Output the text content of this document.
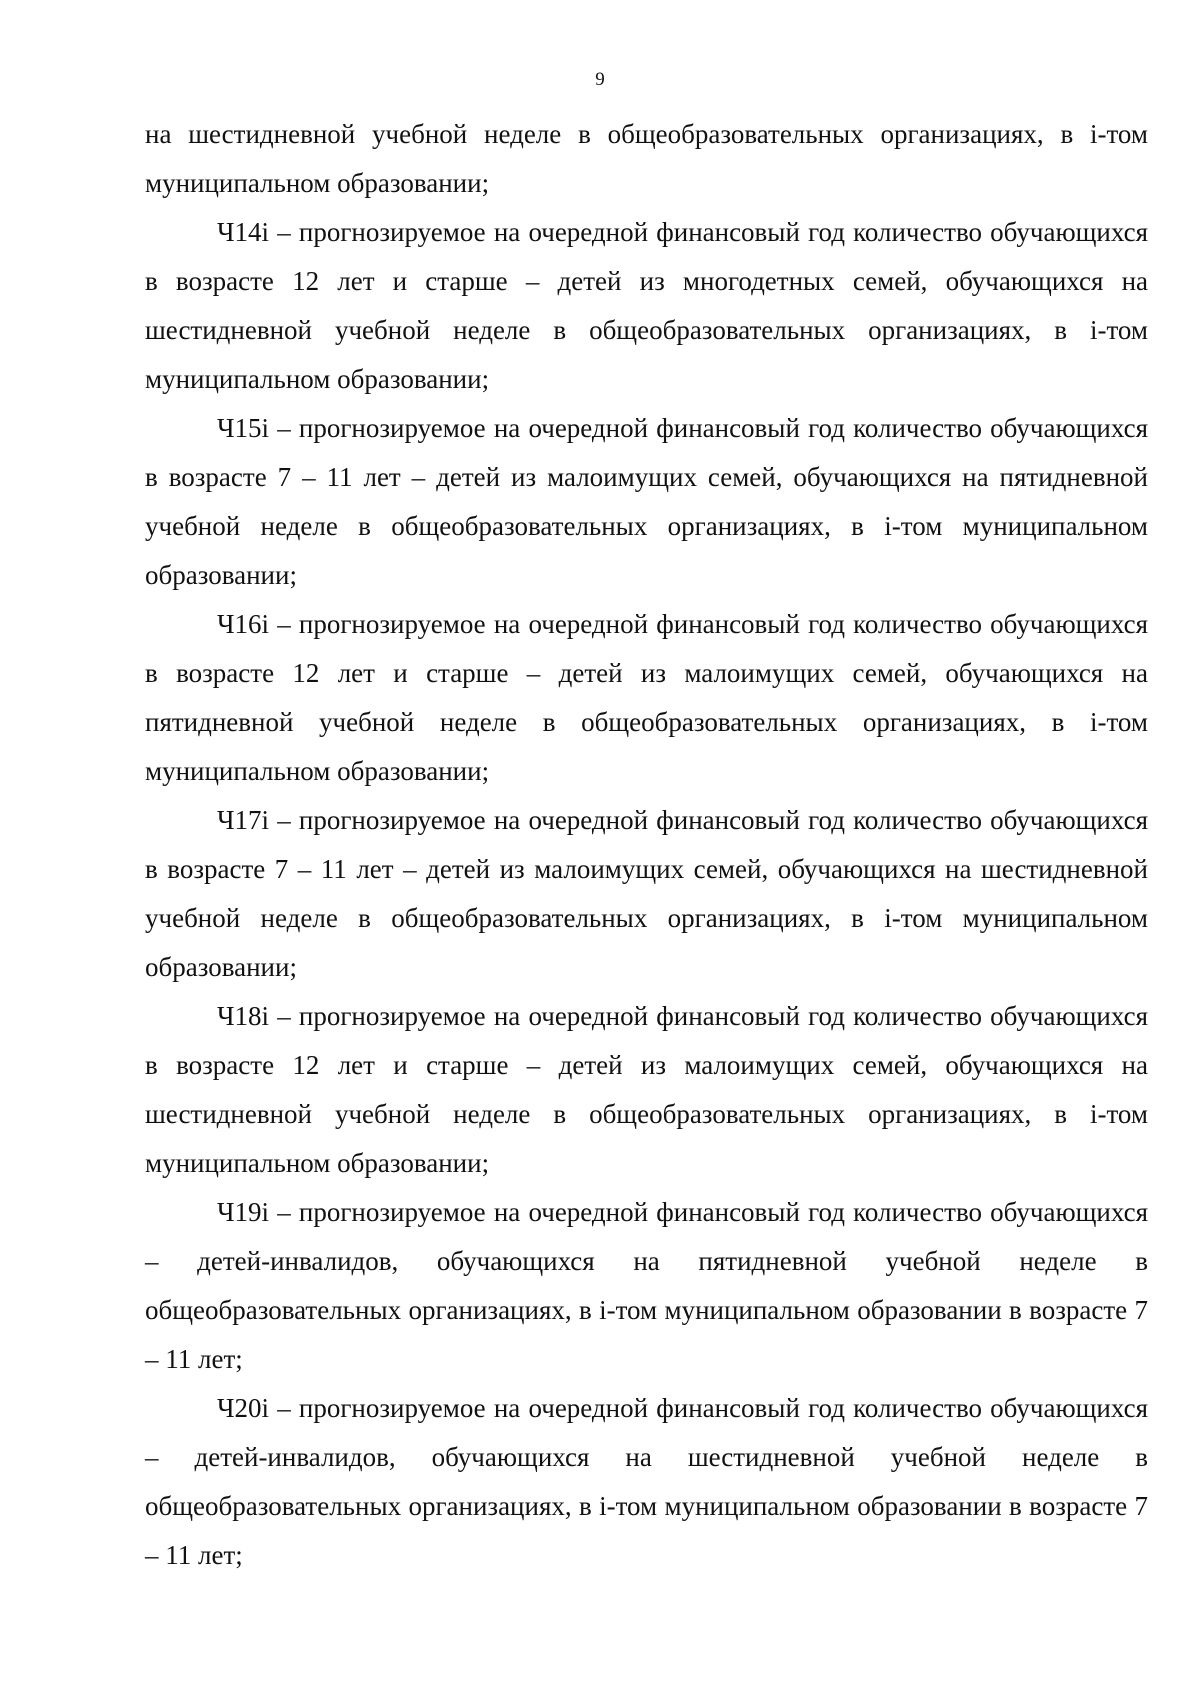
9

на шестидневной учебной неделе в общеобразовательных организациях, в i-том муниципальном образовании;

Ч14i – прогнозируемое на очередной финансовый год количество обучающихся в возрасте 12 лет и старше – детей из многодетных семей, обучающихся на шестидневной учебной неделе в общеобразовательных организациях, в i-том муниципальном образовании;

Ч15i – прогнозируемое на очередной финансовый год количество обучающихся в возрасте 7 – 11 лет – детей из малоимущих семей, обучающихся на пятидневной учебной неделе в общеобразовательных организациях, в i-том муниципальном образовании;

Ч16i – прогнозируемое на очередной финансовый год количество обучающихся в возрасте 12 лет и старше – детей из малоимущих семей, обучающихся на пятидневной учебной неделе в общеобразовательных организациях, в i-том муниципальном образовании;

Ч17i – прогнозируемое на очередной финансовый год количество обучающихся в возрасте 7 – 11 лет – детей из малоимущих семей, обучающихся на шестидневной учебной неделе в общеобразовательных организациях, в i-том муниципальном образовании;

Ч18i – прогнозируемое на очередной финансовый год количество обучающихся в возрасте 12 лет и старше – детей из малоимущих семей, обучающихся на шестидневной учебной неделе в общеобразовательных организациях, в i-том муниципальном образовании;

Ч19i – прогнозируемое на очередной финансовый год количество обучающихся – детей-инвалидов, обучающихся на пятидневной учебной неделе в общеобразовательных организациях, в i-том муниципальном образовании в возрасте 7 – 11 лет;

Ч20i – прогнозируемое на очередной финансовый год количество обучающихся – детей-инвалидов, обучающихся на шестидневной учебной неделе в общеобразовательных организациях, в i-том муниципальном образовании в возрасте 7 – 11 лет;
